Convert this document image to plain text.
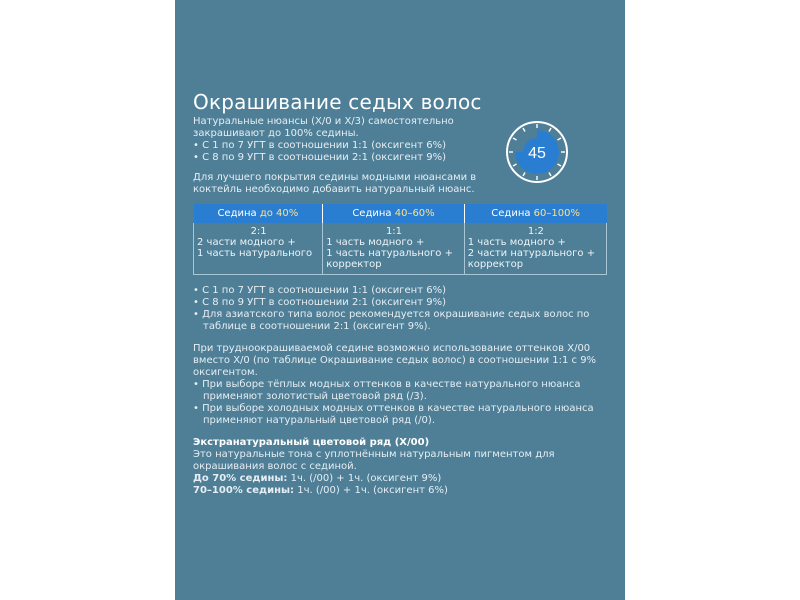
45
Окрашивание седых волос

Натуральные нюансы (X/0 и X/3) самостоятельно закрашивают до 100% седины.

• С 1 по 7 УГТ в соотношении 1:1 (оксигент 6%)

• С 8 по 9 УГТ в соотношении 2:1 (оксигент 9%)

Для лучшего покрытия седины модными нюансами в коктейль необходимо добавить натуральный нюанс.

Седина до 40%	Седина 40–60%	Седина 60–100%

2:1
2 части модного +
1 часть натурального	1:1
1 часть модного +
1 часть натурального +
корректор	1:2
1 часть модного +
2 части натурального +
корректор

• С 1 по 7 УГТ в соотношении 1:1 (оксигент 6%)

• С 8 по 9 УГТ в соотношении 2:1 (оксигент 9%)

• Для азиатского типа волос рекомендуется окрашивание седых волос по таблице в соотношении 2:1 (оксигент 9%).

При трудноокрашиваемой седине возможно использование оттенков X/00 вместо X/0 (по таблице Окрашивание седых волос) в соотношении 1:1 с 9% оксигентом.

• При выборе тёплых модных оттенков в качестве натурального нюанса применяют золотистый цветовой ряд (/3).

• При выборе холодных модных оттенков в качестве натурального нюанса применяют натуральный цветовой ряд (/0).

Экстранатуральный цветовой ряд (X/00)

Это натуральные тона с уплотнённым натуральным пигментом для окрашивания волос с сединой.

До 70% седины: 1ч. (/00) + 1ч. (оксигент 9%)

70–100% седины: 1ч. (/00) + 1ч. (оксигент 6%)
